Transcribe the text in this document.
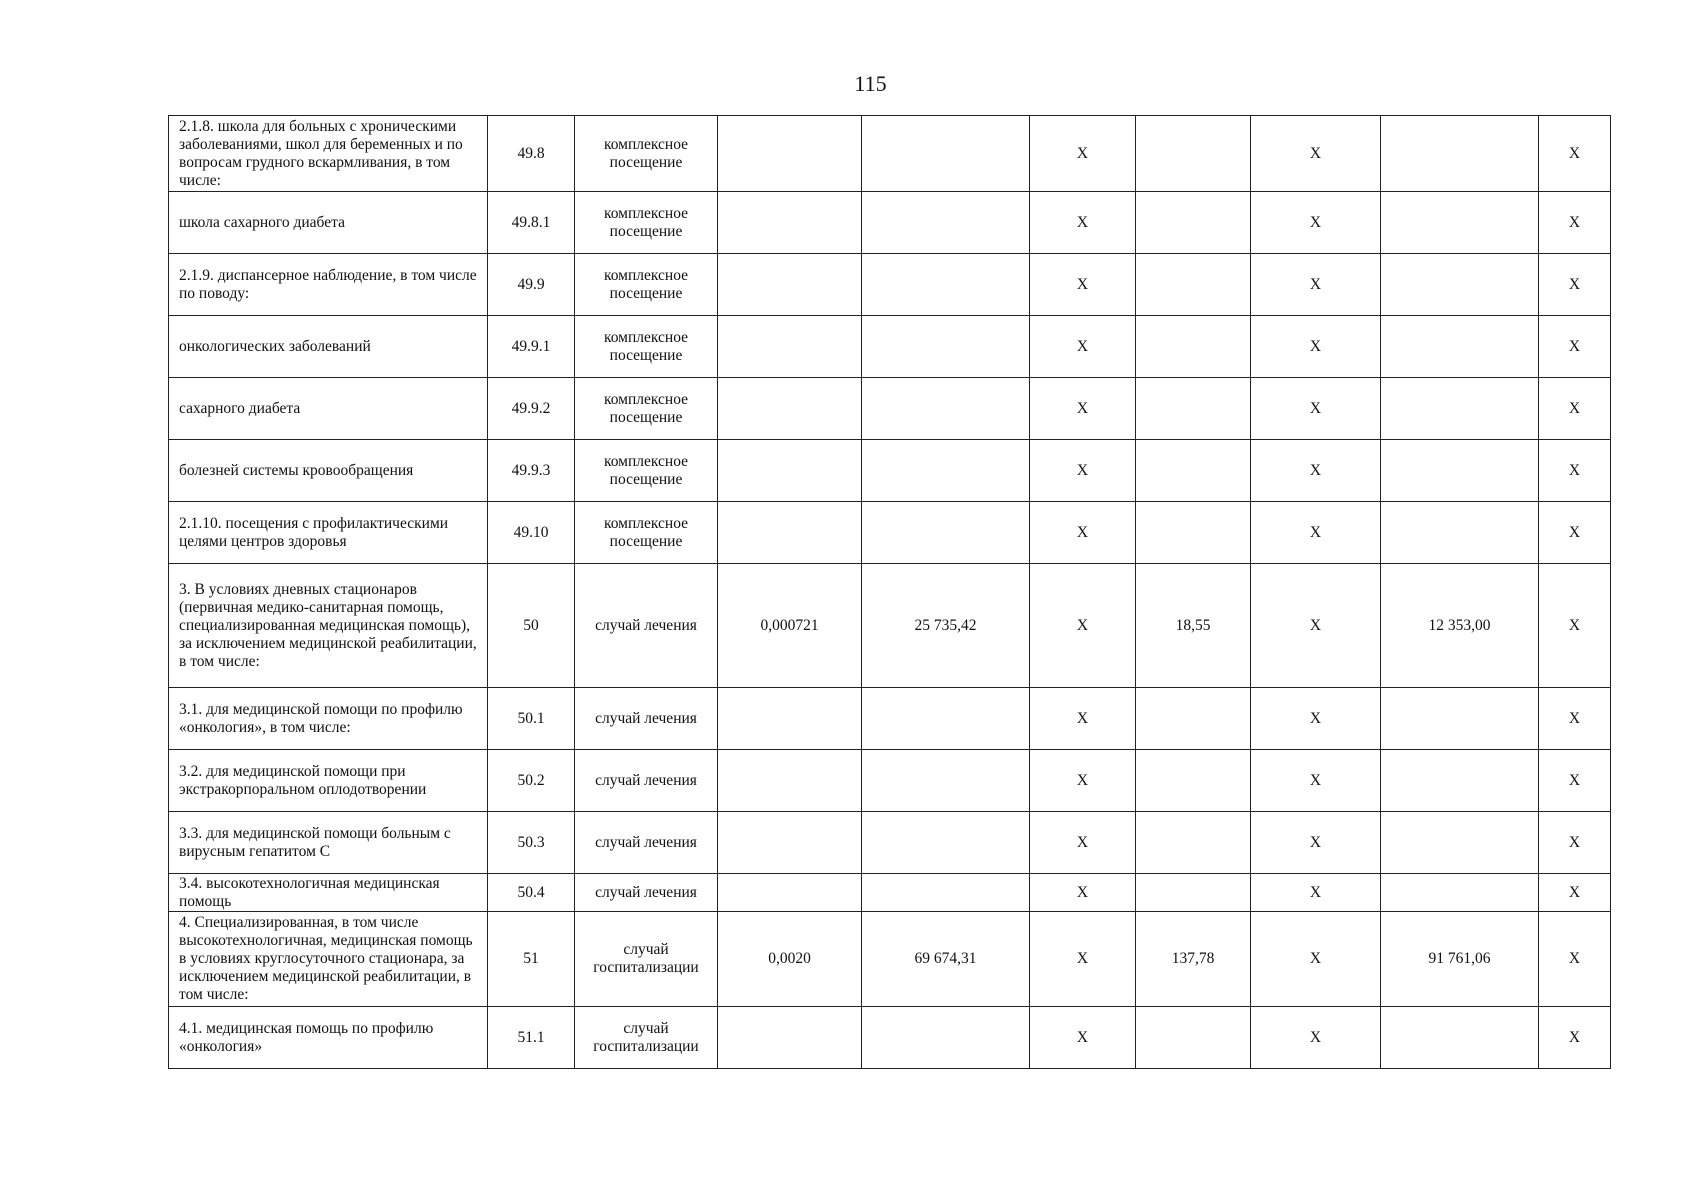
115
2.1.8. школа для больных с хроническими заболеваниями, школ для беременных и по вопросам грудного вскармливания, в том числе:	49.8	комплексное посещение			X		X		X
школа сахарного диабета	49.8.1	комплексное посещение			X		X		X
2.1.9. диспансерное наблюдение, в том числе по поводу:	49.9	комплексное посещение			X		X		X
онкологических заболеваний	49.9.1	комплексное посещение			X		X		X
сахарного диабета	49.9.2	комплексное посещение			X		X		X
болезней системы кровообращения	49.9.3	комплексное посещение			X		X		X
2.1.10. посещения с профилактическими целями центров здоровья	49.10	комплексное посещение			X		X		X
3. В условиях дневных стационаров (первичная медико-санитарная помощь, специализированная медицинская помощь), за исключением медицинской реабилитации, в том числе:	50	случай лечения	0,000721	25 735,42	X	18,55	X	12 353,00	X
3.1. для медицинской помощи по профилю «онкология», в том числе:	50.1	случай лечения			X		X		X
3.2. для медицинской помощи при экстракорпоральном оплодотворении	50.2	случай лечения			X		X		X
3.3. для медицинской помощи больным с вирусным гепатитом С	50.3	случай лечения			X		X		X
3.4. высокотехнологичная медицинская помощь	50.4	случай лечения			X		X		X
4. Специализированная, в том числе высокотехнологичная, медицинская помощь в условиях круглосуточного стационара, за исключением медицинской реабилитации, в том числе:	51	случай госпитализации	0,0020	69 674,31	X	137,78	X	91 761,06	X
4.1. медицинская помощь по профилю «онкология»	51.1	случай госпитализации			X		X		X
